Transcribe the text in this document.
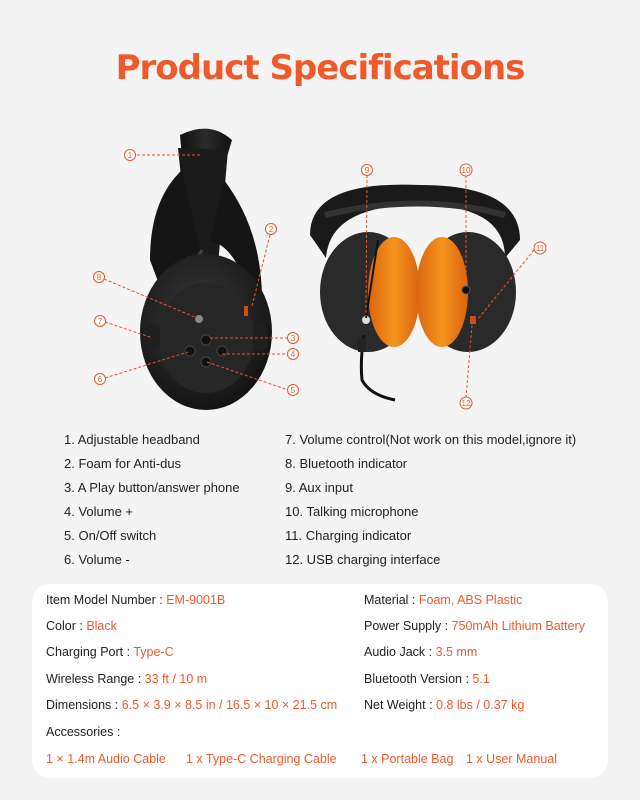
Product Specifications
1
2
3
4
5
6
7
8
9	10
11
12
1. Adjustable headband
2. Foam for Anti-dus
3. A Play button/answer phone
4. Volume +
5. On/Off switch
6. Volume -
7. Volume control(Not work on this model,ignore it)
8. Bluetooth indicator
9. Aux input
10. Talking microphone
11. Charging indicator
12. USB charging interface
Item Model Number : EM-9001B
Color : Black
Charging Port : Type-C
Wireless Range : 33 ft / 10 m
Dimensions : 6.5 × 3.9 × 8.5 in / 16.5 × 10 × 21.5 cm
Accessories :
Material : Foam, ABS Plastic
Power Supply : 750mAh Lithium Battery
Audio Jack : 3.5 mm
Bluetooth Version : 5.1
Net Weight : 0.8 lbs / 0.37 kg
1 × 1.4m Audio Cable 1 x Type-C Charging Cable 1 x Portable Bag 1 x User Manual
